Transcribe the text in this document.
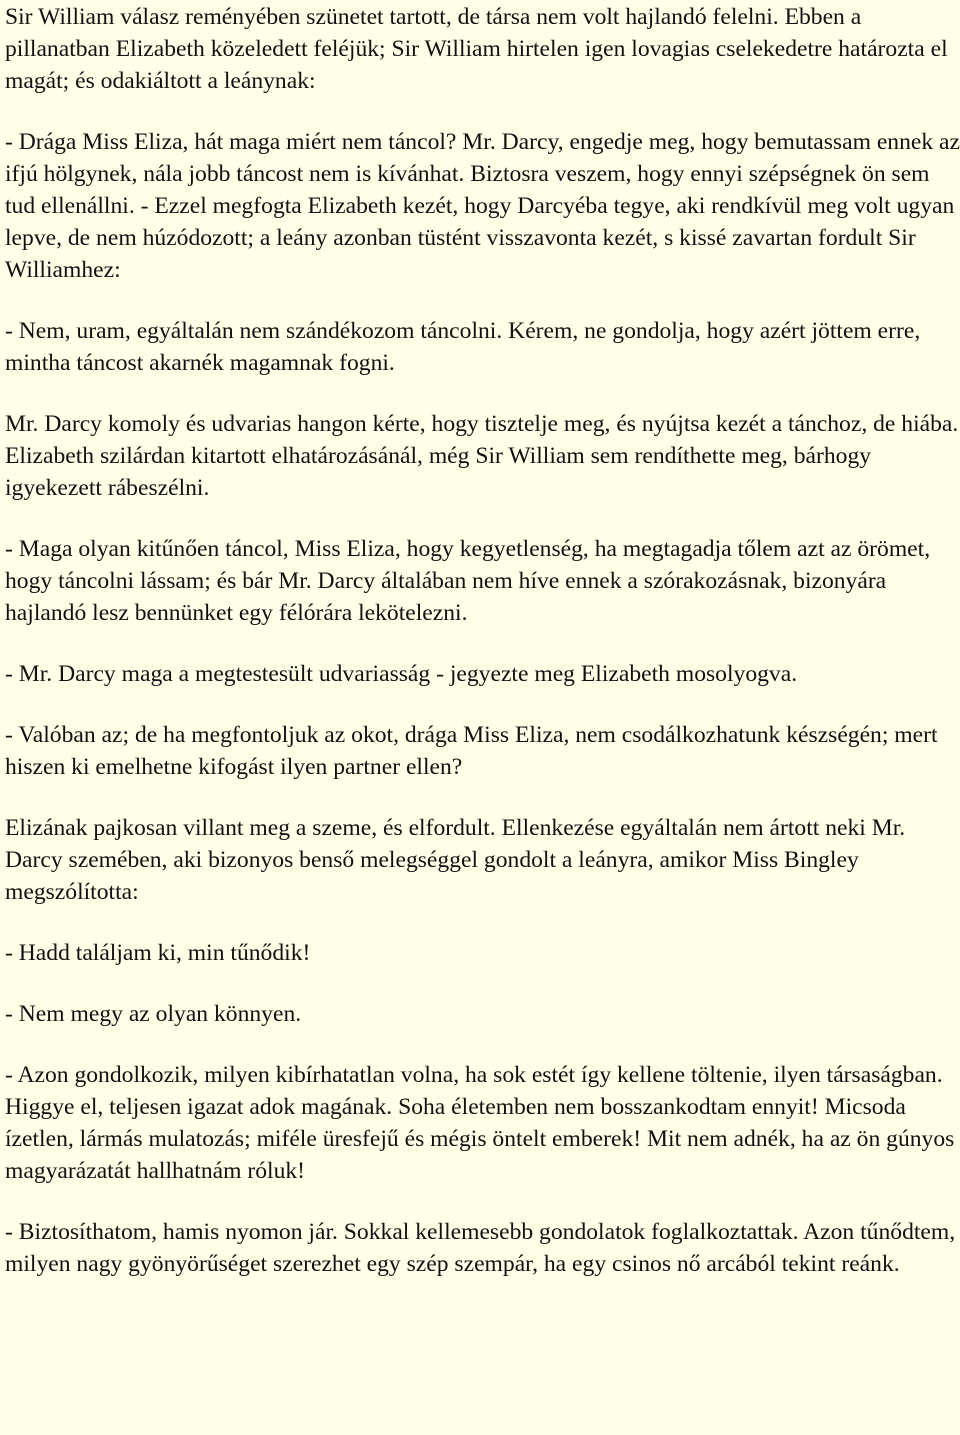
Sir William válasz reményében szünetet tartott, de társa nem volt hajlandó felelni. Ebben a pillanatban Elizabeth közeledett feléjük; Sir William hirtelen igen lovagias cselekedetre határozta el magát; és odakiáltott a leánynak:

- Drága Miss Eliza, hát maga miért nem táncol? Mr. Darcy, engedje meg, hogy bemutassam ennek az ifjú hölgynek, nála jobb táncost nem is kívánhat. Biztosra veszem, hogy ennyi szépségnek ön sem tud ellenállni. - Ezzel megfogta Elizabeth kezét, hogy Darcyéba tegye, aki rendkívül meg volt ugyan lepve, de nem húzódozott; a leány azonban tüstént visszavonta kezét, s kissé zavartan fordult Sir Williamhez:

- Nem, uram, egyáltalán nem szándékozom táncolni. Kérem, ne gondolja, hogy azért jöttem erre, mintha táncost akarnék magamnak fogni.

Mr. Darcy komoly és udvarias hangon kérte, hogy tisztelje meg, és nyújtsa kezét a tánchoz, de hiába. Elizabeth szilárdan kitartott elhatározásánál, még Sir William sem rendíthette meg, bárhogy igyekezett rábeszélni.

- Maga olyan kitűnően táncol, Miss Eliza, hogy kegyetlenség, ha megtagadja tőlem azt az örömet, hogy táncolni lássam; és bár Mr. Darcy általában nem híve ennek a szórakozásnak, bizonyára hajlandó lesz bennünket egy félórára lekötelezni.

- Mr. Darcy maga a megtestesült udvariasság - jegyezte meg Elizabeth mosolyogva.

- Valóban az; de ha megfontoljuk az okot, drága Miss Eliza, nem csodálkozhatunk készségén; mert hiszen ki emelhetne kifogást ilyen partner ellen?

Elizának pajkosan villant meg a szeme, és elfordult. Ellenkezése egyáltalán nem ártott neki Mr. Darcy szemében, aki bizonyos benső melegséggel gondolt a leányra, amikor Miss Bingley megszólította:

- Hadd találjam ki, min tűnődik!

- Nem megy az olyan könnyen.

- Azon gondolkozik, milyen kibírhatatlan volna, ha sok estét így kellene töltenie, ilyen társaságban. Higgye el, teljesen igazat adok magának. Soha életemben nem bosszankodtam ennyit! Micsoda ízetlen, lármás mulatozás; miféle üresfejű és mégis öntelt emberek! Mit nem adnék, ha az ön gúnyos magyarázatát hallhatnám róluk!

- Biztosíthatom, hamis nyomon jár. Sokkal kellemesebb gondolatok foglalkoztattak. Azon tűnődtem, milyen nagy gyönyörűséget szerezhet egy szép szempár, ha egy csinos nő arcából tekint reánk.
